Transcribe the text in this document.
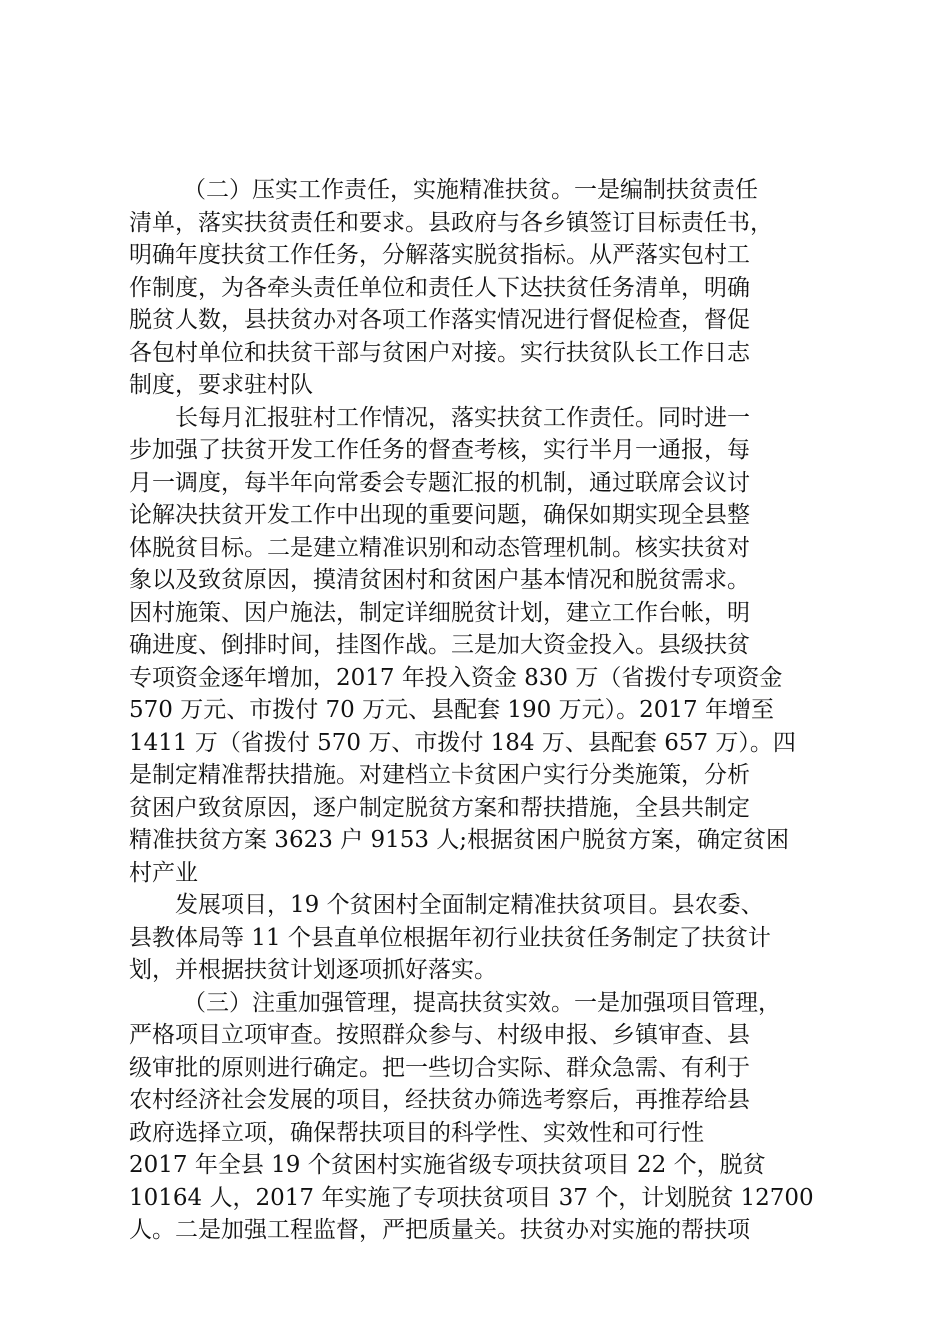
（二）压实工作责任，实施精准扶贫。一是编制扶贫责任
清单，落实扶贫责任和要求。县政府与各乡镇签订目标责任书，
明确年度扶贫工作任务，分解落实脱贫指标。从严落实包村工
作制度，为各牵头责任单位和责任人下达扶贫任务清单，明确
脱贫人数，县扶贫办对各项工作落实情况进行督促检查，督促
各包村单位和扶贫干部与贫困户对接。实行扶贫队长工作日志
制度，要求驻村队
长每月汇报驻村工作情况，落实扶贫工作责任。同时进一
步加强了扶贫开发工作任务的督查考核，实行半月一通报，每
月一调度，每半年向常委会专题汇报的机制，通过联席会议讨
论解决扶贫开发工作中出现的重要问题，确保如期实现全县整
体脱贫目标。二是建立精准识别和动态管理机制。核实扶贫对
象以及致贫原因，摸清贫困村和贫困户基本情况和脱贫需求。
因村施策、因户施法，制定详细脱贫计划，建立工作台帐，明
确进度、倒排时间，挂图作战。三是加大资金投入。县级扶贫
专项资金逐年增加，2017 年投入资金 830 万（省拨付专项资金
570 万元、市拨付 70 万元、县配套 190 万元）。2017 年增至
1411 万（省拨付 570 万、市拨付 184 万、县配套 657 万）。四
是制定精准帮扶措施。对建档立卡贫困户实行分类施策，分析
贫困户致贫原因，逐户制定脱贫方案和帮扶措施，全县共制定
精准扶贫方案 3623 户 9153 人;根据贫困户脱贫方案，确定贫困
村产业
发展项目，19 个贫困村全面制定精准扶贫项目。县农委、
县教体局等 11 个县直单位根据年初行业扶贫任务制定了扶贫计
划，并根据扶贫计划逐项抓好落实。
（三）注重加强管理，提高扶贫实效。一是加强项目管理，
严格项目立项审查。按照群众参与、村级申报、乡镇审查、县
级审批的原则进行确定。把一些切合实际、群众急需、有利于
农村经济社会发展的项目，经扶贫办筛选考察后，再推荐给县
政府选择立项，确保帮扶项目的科学性、实效性和可行性
2017 年全县 19 个贫困村实施省级专项扶贫项目 22 个，脱贫
10164 人，2017 年实施了专项扶贫项目 37 个，计划脱贫 12700
人。二是加强工程监督，严把质量关。扶贫办对实施的帮扶项
